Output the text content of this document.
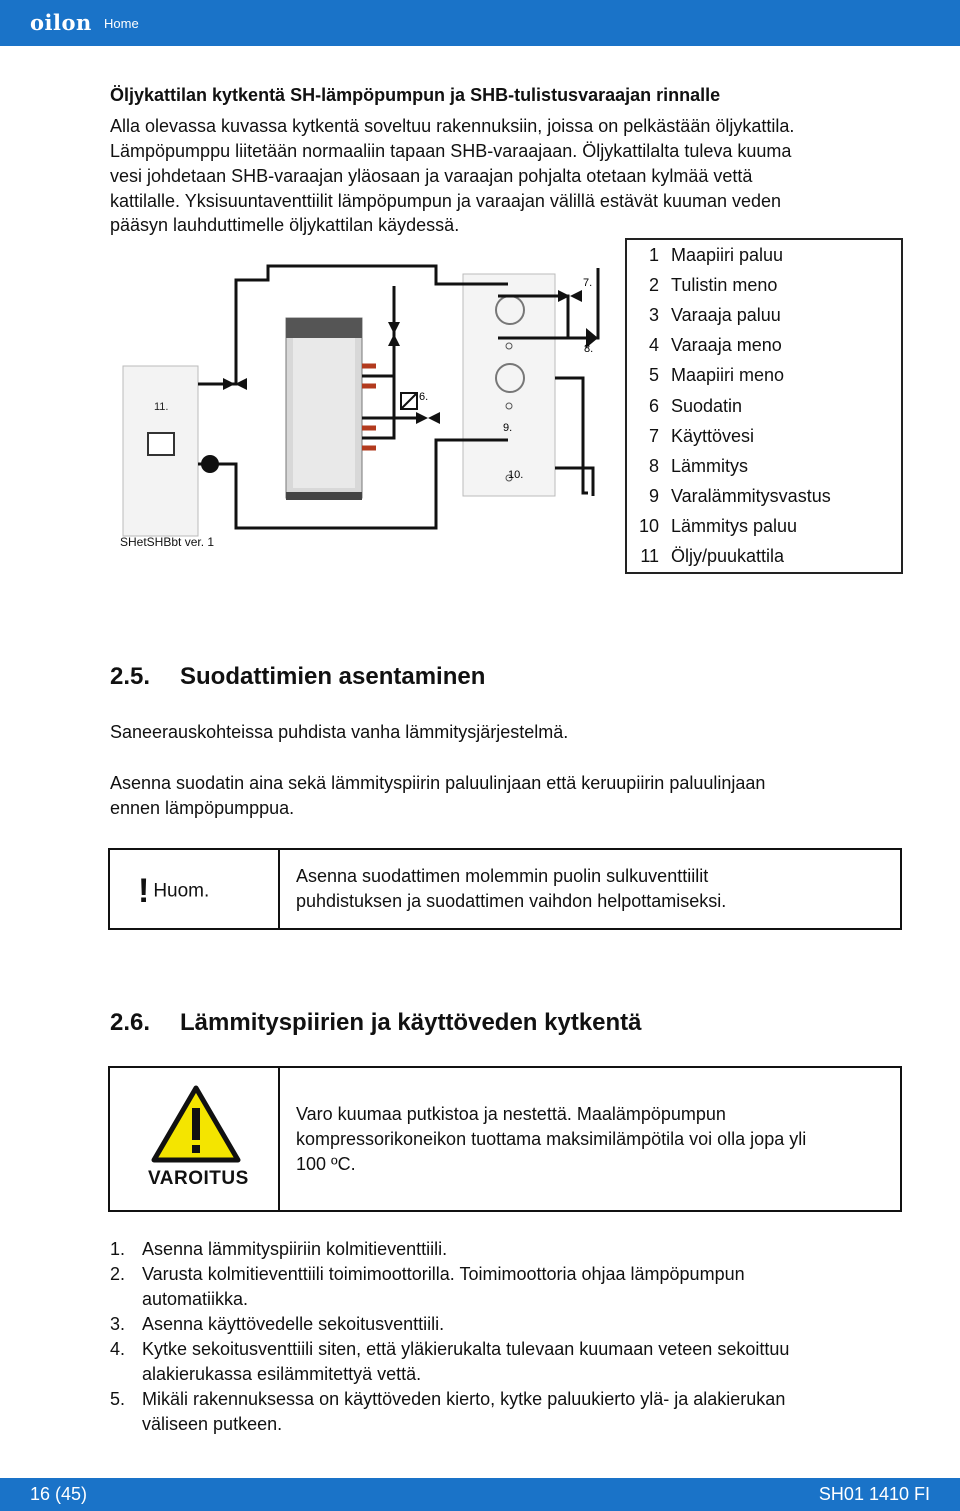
oilon Home
Öljykattilan kytkentä SH-lämpöpumpun ja SHB-tulistusvaraajan rinnalle

Alla olevassa kuvassa kytkentä soveltuu rakennuksiin, joissa on pelkästään öljykattila.

Lämpöpumppu liitetään normaaliin tapaan SHB-varaajaan. Öljykattilalta tuleva kuuma

vesi johdetaan SHB-varaajan yläosaan ja varaajan pohjalta otetaan kylmää vettä

kattilalle. Yksisuuntaventtiilit lämpöpumpun ja varaajan välillä estävät kuuman veden

pääsyn lauhduttimelle öljykattilan käydessä.

11.
6.
7.
8.
9.
10.
SHetSHBbt ver. 1
1 Maapiiri paluu
2 Tulistin meno
3 Varaaja paluu
4 Varaaja meno
5 Maapiiri meno
6 Suodatin
7 Käyttövesi
8 Lämmitys
9 Varalämmitysvastus
10 Lämmitys paluu
11 Öljy/puukattila
2.5. Suodattimien asentaminen

Saneerauskohteissa puhdista vanha lämmitysjärjestelmä.

Asenna suodatin aina sekä lämmityspiirin paluulinjaan että keruupiirin paluulinjaan

ennen lämpöpumppua.

! Huom.
Asenna suodattimen molemmin puolin sulkuventtiilit
puhdistuksen ja suodattimen vaihdon helpottamiseksi.
2.6. Lämmityspiirien ja käyttöveden kytkentä
VAROITUS
Varo kuumaa putkistoa ja nestettä. Maalämpöpumpun
kompressorikoneikon tuottama maksimilämpötila voi olla jopa yli
100 ºC.
1. Asenna lämmityspiiriin kolmitieventtiili.
2. Varusta kolmitieventtiili toimimoottorilla. Toimimoottoria ohjaa lämpöpumpun
automatiikka.
3. Asenna käyttövedelle sekoitusventtiili.
4. Kytke sekoitusventtiili siten, että yläkierukalta tulevaan kuumaan veteen sekoittuu
alakierukassa esilämmitettyä vettä.
5. Mikäli rakennuksessa on käyttöveden kierto, kytke paluukierto ylä- ja alakierukan
väliseen putkeen.
16 (45)	SH01 1410 FI
